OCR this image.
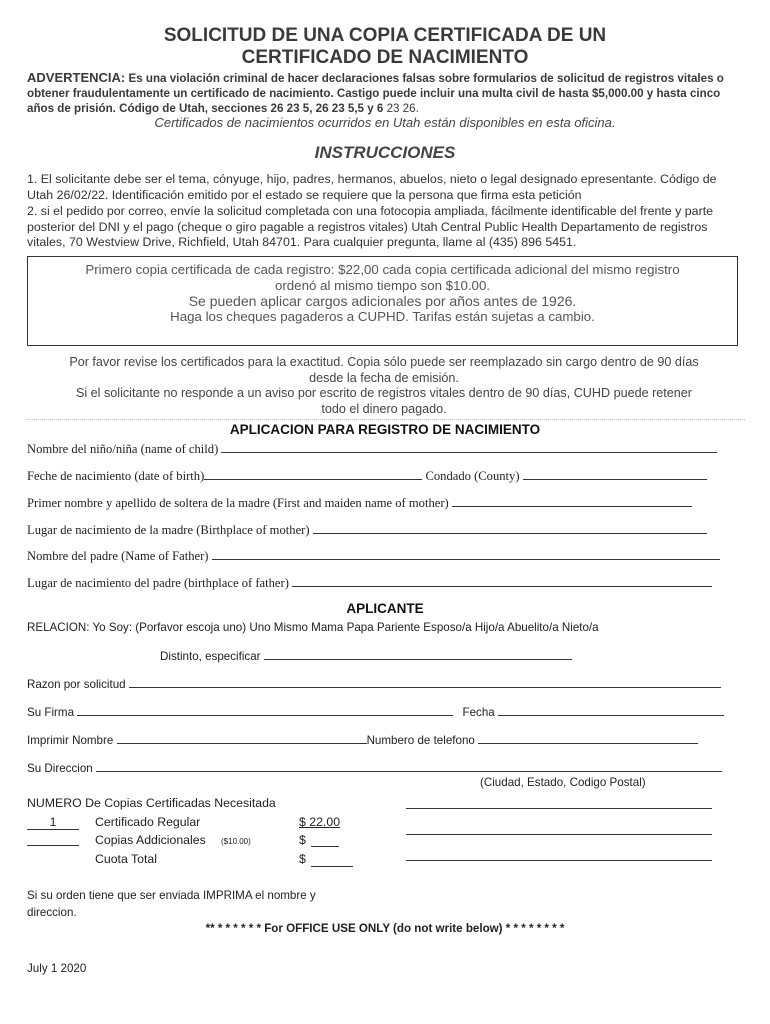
SOLICITUD DE UNA COPIA CERTIFICADA DE UN
CERTIFICADO DE NACIMIENTO
ADVERTENCIA: Es una violación criminal de hacer declaraciones falsas sobre formularios de solicitud de registros vitales o obtener fraudulentamente un certificado de nacimiento. Castigo puede incluir una multa civil de hasta $5,000.00 y hasta cinco años de prisión. Código de Utah, secciones 26 23 5, 26 23 5,5 y 6 23 26.
Certificados de nacimientos ocurridos en Utah están disponibles en esta oficina.
INSTRUCCIONES
1. El solicitante debe ser el tema, cónyuge, hijo, padres, hermanos, abuelos, nieto o legal designado epresentante. Código de Utah 26/02/22. Identificación emitido por el estado se requiere que la persona que firma esta petición
2. si el pedido por correo, envíe la solicitud completada con una fotocopia ampliada, fácilmente identificable del frente y parte posterior del DNI y el pago (cheque o giro pagable a registros vitales) Utah Central Public Health Departamento de registros vitales, 70 Westview Drive, Richfield, Utah 84701. Para cualquier pregunta, llame al (435) 896 5451.
Primero copia certificada de cada registro: $22,00 cada copia certificada adicional del mismo registro
ordenó al mismo tiempo son $10.00.
Se pueden aplicar cargos adicionales por años antes de 1926.
Haga los cheques pagaderos a CUPHD. Tarifas están sujetas a cambio.
Por favor revise los certificados para la exactitud. Copia sólo puede ser reemplazado sin cargo dentro de 90 días
desde la fecha de emisión.
Si el solicitante no responde a un aviso por escrito de registros vitales dentro de 90 días, CUHD puede retener
todo el dinero pagado.
APLICACION PARA REGISTRO DE NACIMIENTO
Nombre del niño/niña (name of child)
Feche de nacimiento (date of birth)	Condado (County)
Primer nombre y apellido de soltera de la madre (First and maiden name of mother)
Lugar de nacimiento de la madre (Birthplace of mother)
Nombre del padre (Name of Father)
Lugar de nacimiento del padre (birthplace of father)
APLICANTE
RELACION: Yo Soy: (Porfavor escoja uno) Uno Mismo Mama Papa Pariente Esposo/a Hijo/a Abuelito/a Nieto/a
Distinto, especificar
Razon por solicitud
Su Firma	Fecha
Imprimir Nombre	Numbero de telefono
Su Direccion
(Ciudad, Estado, Codigo Postal)
NUMERO De Copias Certificadas Necesitada
1	Certificado Regular	$ 22.00
Copias Addicionales ($10.00)	$
Cuota Total	$
Si su orden tiene que ser enviada IMPRIMA el nombre y direccion.
** * * * * * * For OFFICE USE ONLY (do not write below) * * * * * * * *
July 1 2020
